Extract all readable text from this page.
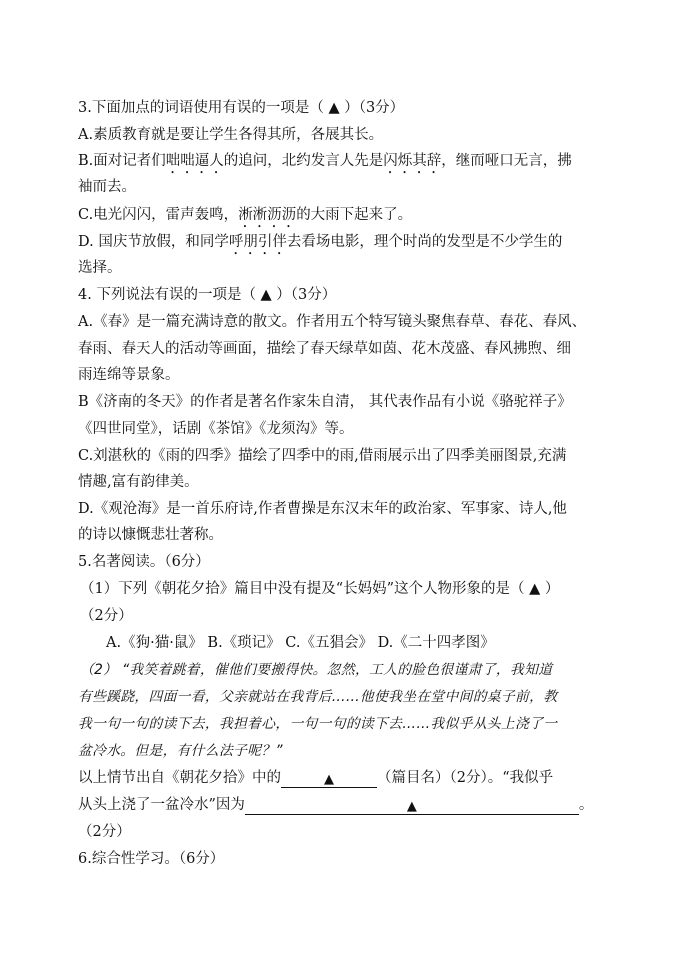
3.下面加点的词语使用有误的一项是（ ▲ ）（3分）
A.素质教育就是要让学生各得其所，各展其长。
B.面对记者们咄咄逼人的追问，北约发言人先是闪烁其辞，继而哑口无言，拂
袖而去。
C.电光闪闪，雷声轰鸣，淅淅沥沥的大雨下起来了。
D. 国庆节放假，和同学呼朋引伴去看场电影，理个时尚的发型是不少学生的
选择。
4. 下列说法有误的一项是（ ▲ ）（3分）
A.《春》是一篇充满诗意的散文。作者用五个特写镜头聚焦春草、春花、春风、
春雨、春天人的活动等画面，描绘了春天绿草如茵、花木茂盛、春风拂煦、细
雨连绵等景象。
B《济南的冬天》的作者是著名作家朱自清， 其代表作品有小说《骆驼祥子》
《四世同堂》，话剧《茶馆》《龙须沟》等。
C.刘湛秋的《雨的四季》描绘了四季中的雨,借雨展示出了四季美丽图景,充满
情趣,富有韵律美。
D.《观沧海》是一首乐府诗,作者曹操是东汉末年的政治家、军事家、诗人,他
的诗以慷慨悲壮著称。
5.名著阅读。（6分）
（1）下列《朝花夕拾》篇目中没有提及“长妈妈”这个人物形象的是（ ▲ ）
（2分）
A.《狗·猫·鼠》 B.《琐记》 C.《五猖会》 D.《二十四孝图》
（2） “我笑着跳着，催他们要搬得快。忽然，工人的脸色很谨肃了，我知道
有些蹊跷，四面一看，父亲就站在我背后……他使我坐在堂中间的桌子前，教
我一句一句的读下去，我担着心，一句一句的读下去……我似乎从头上浇了一
盆冷水。但是，有什么法子呢？”
以上情节出自《朝花夕拾》中的	▲	（篇目名）（2分）。“我似乎
从头上浇了一盆冷水”因为	▲	。
（2分）
6.综合性学习。（6分）
